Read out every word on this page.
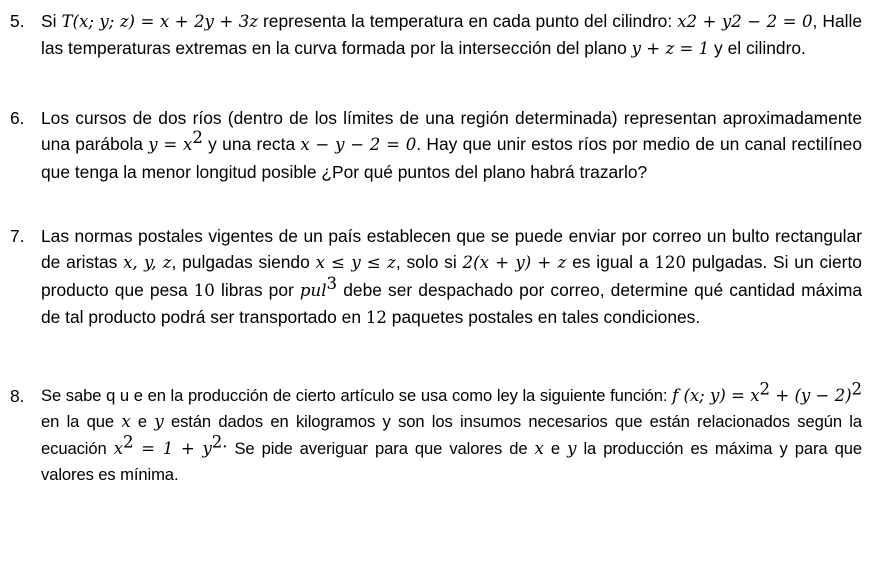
5. Si T(x; y; z) = x + 2y + 3z representa la temperatura en cada punto del cilindro: x2 + y2 − 2 = 0, Halle las temperaturas extremas en la curva formada por la intersección del plano y + z = 1 y el cilindro.
6. Los cursos de dos ríos (dentro de los límites de una región determinada) representan aproximadamente una parábola $y = x^2$ y una recta x − y − 2 = 0. Hay que unir estos ríos por medio de un canal rectilíneo que tenga la menor longitud posible ¿Por qué puntos del plano habrá trazarlo?
7. Las normas postales vigentes de un país establecen que se puede enviar por correo un bulto rectangular de aristas x, y, z, pulgadas siendo x ≤ y ≤ z, solo si 2(x + y) + z es igual a 120 pulgadas. Si un cierto producto que pesa 10 libras por pul$^3$ debe ser despachado por correo, determine qué cantidad máxima de tal producto podrá ser transportado en 12 paquetes postales en tales condiciones.
8. Se sabe q u e en la producción de cierto artículo se usa como ley la siguiente función: f (x; $y) = x^2 + (y - 2)^2$ en la que x e y están dados en kilogramos y son los insumos necesarios que están relacionados según la ecuación $x^2 = 1 + y^{2.}$ Se pide averiguar para que valores de x e y la producción es máxima y para que valores es mínima.
